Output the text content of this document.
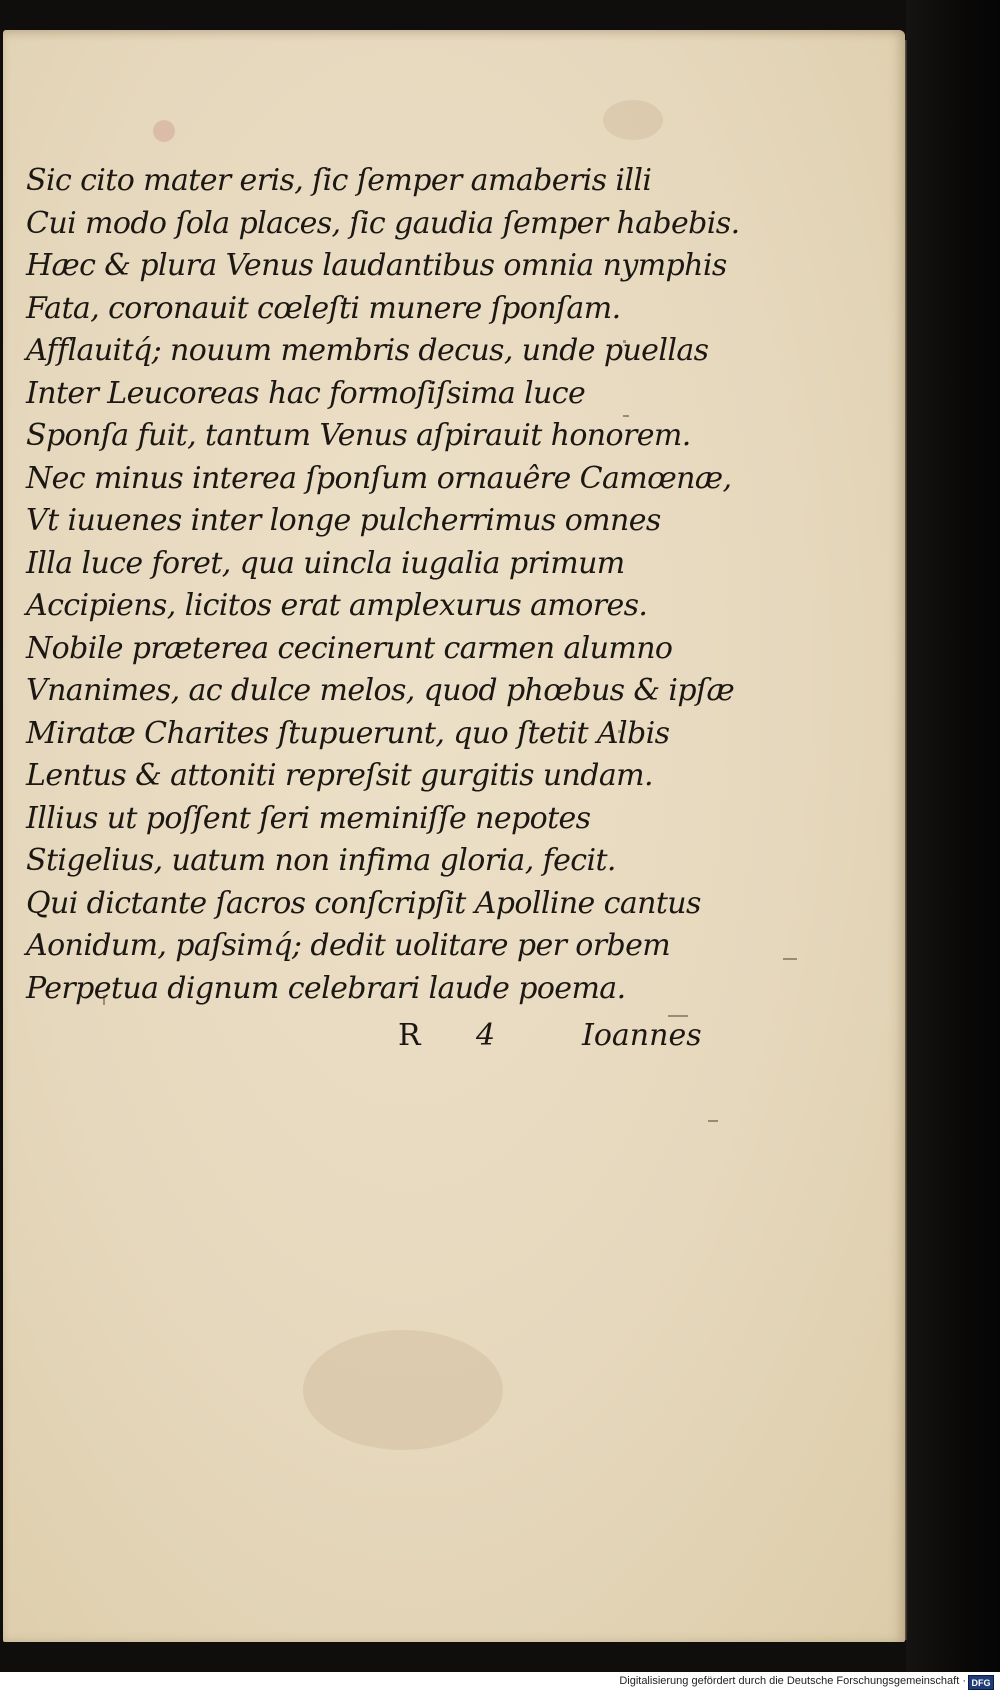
Sic cito mater eris, ſic ſemper amaberis illi
Cui modo ſola places, ſic gaudia ſemper habebis.
Hæc & plura Venus laudantibus omnia nymphis
Fata, coronauit cœleſti munere ſponſam.
Afflauitq́; nouum membris decus, unde puellas
Inter Leucoreas hac formoſiſsima luce
Sponſa fuit, tantum Venus aſpirauit honorem.
Nec minus interea ſponſum ornauêre Camœnæ,
Vt iuuenes inter longe pulcherrimus omnes
Illa luce foret, qua uincla iugalia primum
Accipiens, licitos erat amplexurus amores.
Nobile præterea cecinerunt carmen alumno
Vnanimes, ac dulce melos, quod phœbus & ipſæ
Miratæ Charites ſtupuerunt, quo ſtetit Albis
Lentus & attoniti repreſsit gurgitis undam.
Illius ut poſſent ſeri meminiſſe nepotes
Stigelius, uatum non infima gloria, fecit.
Qui dictante ſacros conſcripſit Apolline cantus
Aonidum, paſsimq́; dedit uolitare per orbem
Perpetua dignum celebrari laude poema.
R 4	Ioannes
Digitalisierung gefördert durch die Deutsche Forschungsgemeinschaft · DFG
